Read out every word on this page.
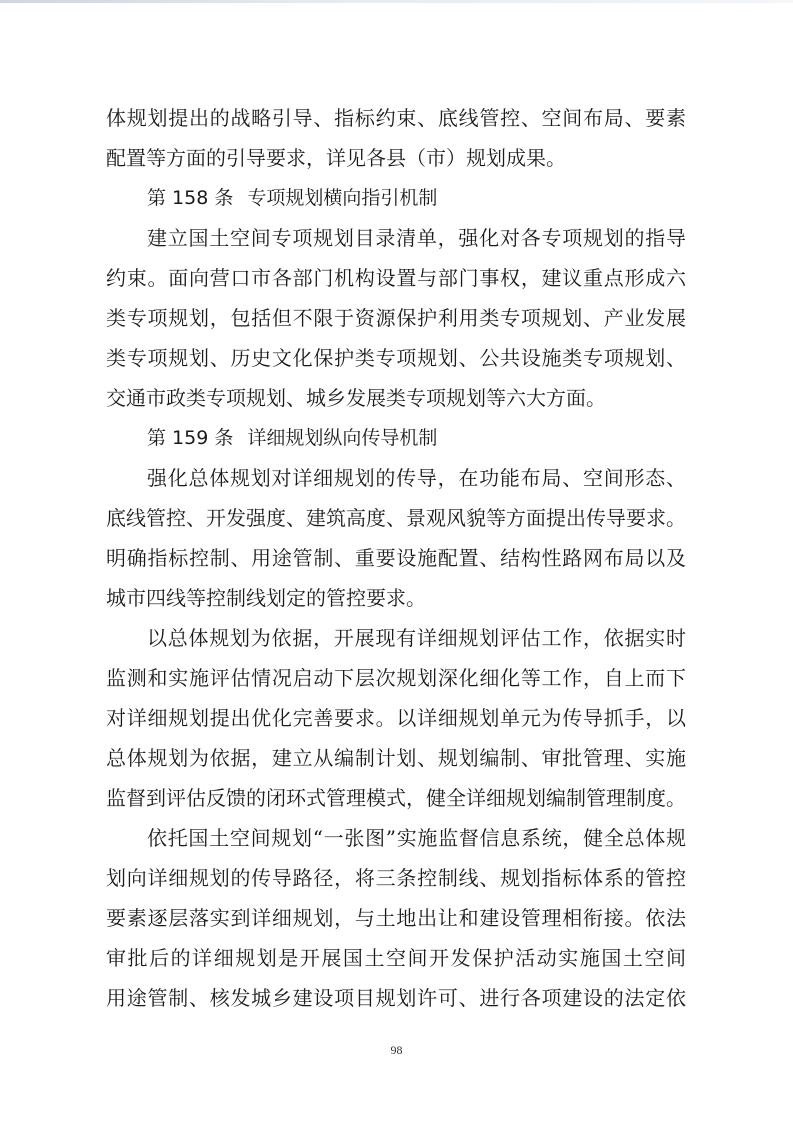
体规划提出的战略引导、指标约束、底线管控、空间布局、要素
配置等方面的引导要求，详见各县（市）规划成果。
第 158 条 专项规划横向指引机制
建立国土空间专项规划目录清单，强化对各专项规划的指导
约束。面向营口市各部门机构设置与部门事权，建议重点形成六
类专项规划，包括但不限于资源保护利用类专项规划、产业发展
类专项规划、历史文化保护类专项规划、公共设施类专项规划、
交通市政类专项规划、城乡发展类专项规划等六大方面。
第 159 条 详细规划纵向传导机制
强化总体规划对详细规划的传导，在功能布局、空间形态、
底线管控、开发强度、建筑高度、景观风貌等方面提出传导要求。
明确指标控制、用途管制、重要设施配置、结构性路网布局以及
城市四线等控制线划定的管控要求。
以总体规划为依据，开展现有详细规划评估工作，依据实时
监测和实施评估情况启动下层次规划深化细化等工作，自上而下
对详细规划提出优化完善要求。以详细规划单元为传导抓手，以
总体规划为依据，建立从编制计划、规划编制、审批管理、实施
监督到评估反馈的闭环式管理模式，健全详细规划编制管理制度。
依托国土空间规划“一张图”实施监督信息系统，健全总体规
划向详细规划的传导路径，将三条控制线、规划指标体系的管控
要素逐层落实到详细规划，与土地出让和建设管理相衔接。依法
审批后的详细规划是开展国土空间开发保护活动实施国土空间
用途管制、核发城乡建设项目规划许可、进行各项建设的法定依
98
